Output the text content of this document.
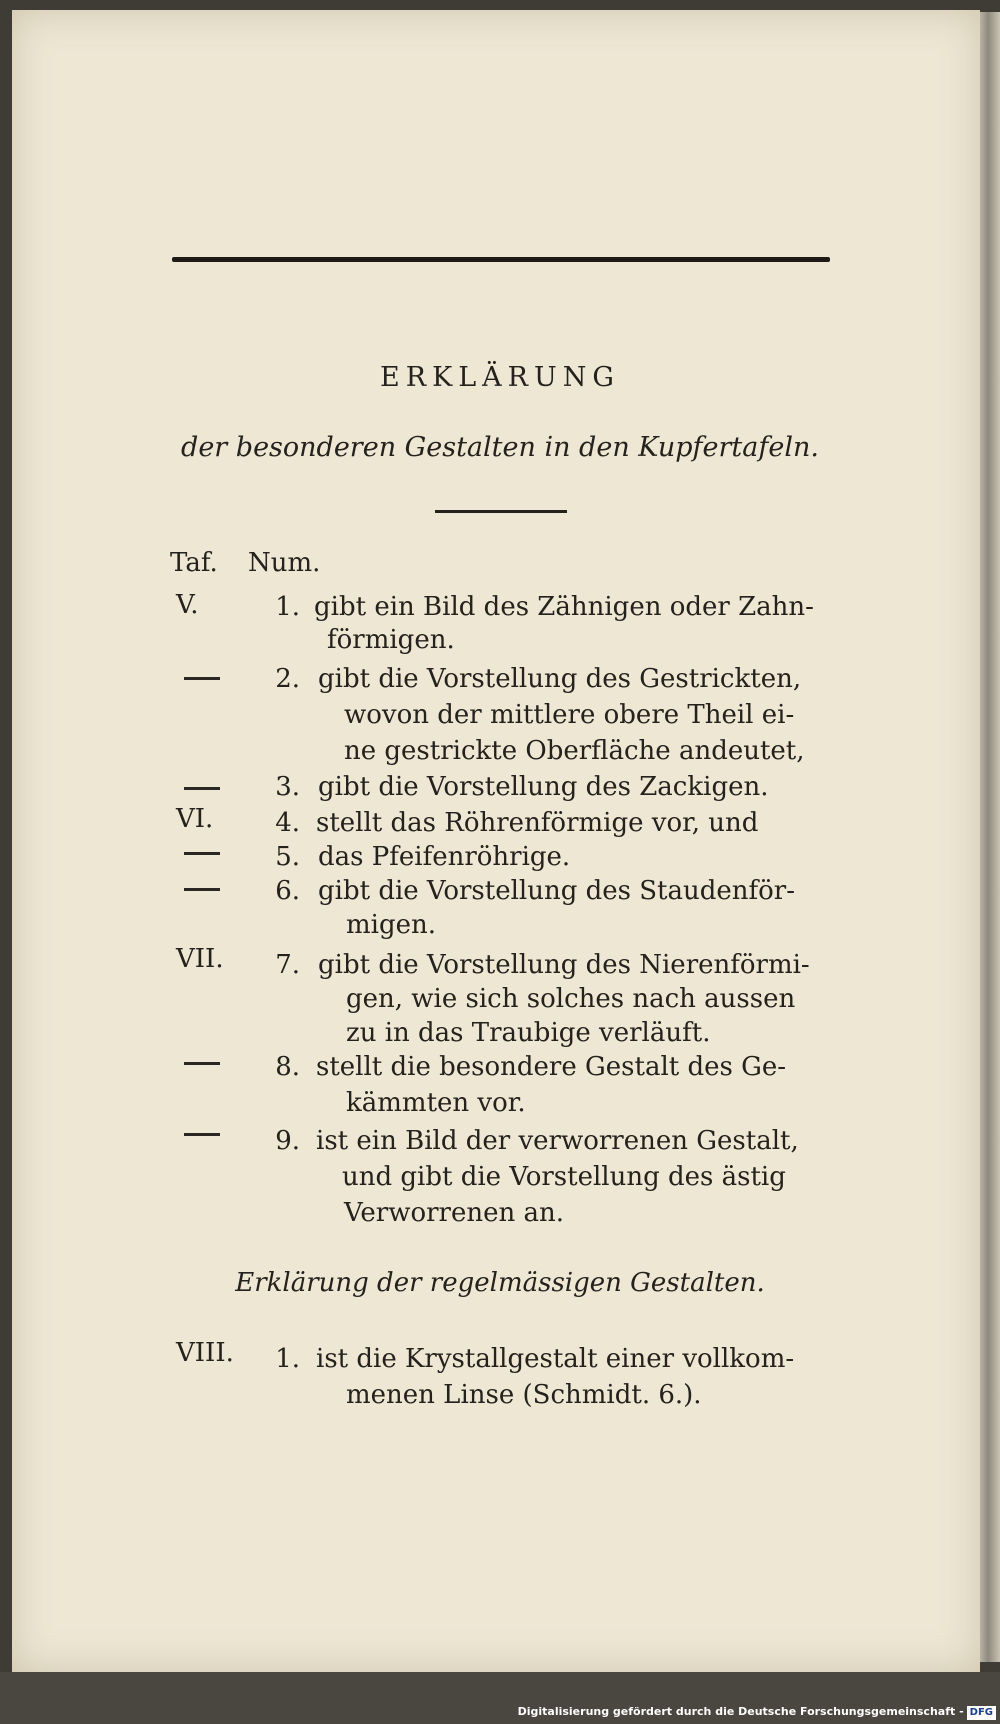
ERKLÄRUNG
der besonderen Gestalten in den Kupfertafeln.
Taf. Num.
V.	1. gibt ein Bild des Zähnigen oder Zahn-
förmigen.
2. gibt die Vorstellung des Gestrickten,
wovon der mittlere obere Theil ei-
ne gestrickte Oberfläche andeutet,
3. gibt die Vorstellung des Zackigen.
VI. 4. stellt das Röhrenförmige vor, und
5. das Pfeifenröhrige.
6. gibt die Vorstellung des Staudenför-
migen.
VII. 7. gibt die Vorstellung des Nierenförmi-
gen, wie sich solches nach aussen
zu in das Traubige verläuft.
8. stellt die besondere Gestalt des Ge-
kämmten vor.
9. ist ein Bild der verworrenen Gestalt,
und gibt die Vorstellung des ästig
Verworrenen an.
Erklärung der regelmässigen Gestalten.
VIII. 1. ist die Krystallgestalt einer vollkom-
menen Linse (Schmidt. 6.).
Digitalisierung gefördert durch die Deutsche Forschungsgemeinschaft - DFG
